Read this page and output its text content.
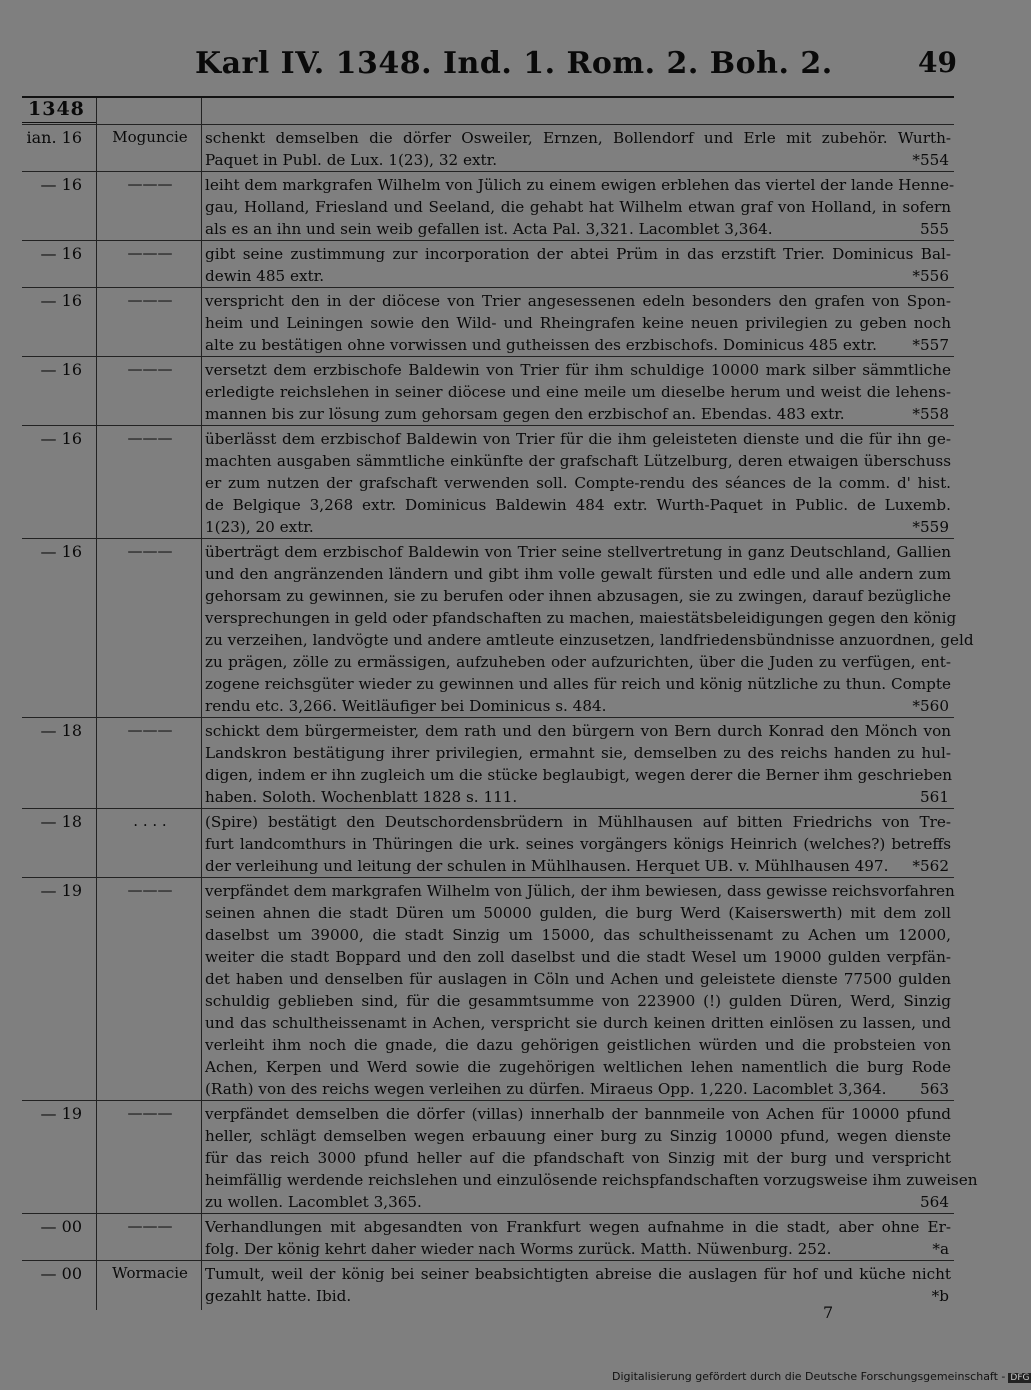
Karl IV. 1348. Ind. 1. Rom. 2. Boh. 2.	49
1348
ian. 16	Moguncie	schenkt demselben die dörfer Osweiler, Ernzen, Bollendorf und Erle mit zubehör. Wurth-
Paquet in Publ. de Lux. 1(23), 32 extr.	*554
— 16	———	leiht dem markgrafen Wilhelm von Jülich zu einem ewigen erblehen das viertel der lande Henne-
gau, Holland, Friesland und Seeland, die gehabt hat Wilhelm etwan graf von Holland, in sofern
als es an ihn und sein weib gefallen ist. Acta Pal. 3,321. Lacomblet 3,364.	555
— 16	———	gibt seine zustimmung zur incorporation der abtei Prüm in das erzstift Trier. Dominicus Bal-
dewin 485 extr.	*556
— 16	———	verspricht den in der diöcese von Trier angesessenen edeln besonders den grafen von Spon-
heim und Leiningen sowie den Wild- und Rheingrafen keine neuen privilegien zu geben noch
alte zu bestätigen ohne vorwissen und gutheissen des erzbischofs. Dominicus 485 extr. *557
— 16	———	versetzt dem erzbischofe Baldewin von Trier für ihm schuldige 10000 mark silber sämmtliche
erledigte reichslehen in seiner diöcese und eine meile um dieselbe herum und weist die lehens-
mannen bis zur lösung zum gehorsam gegen den erzbischof an. Ebendas. 483 extr.	*558
— 16	———	überlässt dem erzbischof Baldewin von Trier für die ihm geleisteten dienste und die für ihn ge-
machten ausgaben sämmtliche einkünfte der grafschaft Lützelburg, deren etwaigen überschuss
er zum nutzen der grafschaft verwenden soll. Compte-rendu des séances de la comm. d' hist.
de Belgique 3,268 extr. Dominicus Baldewin 484 extr. Wurth-Paquet in Public. de Luxemb.
1(23), 20 extr.	*559
— 16	———	überträgt dem erzbischof Baldewin von Trier seine stellvertretung in ganz Deutschland, Gallien
und den angränzenden ländern und gibt ihm volle gewalt fürsten und edle und alle andern zum
gehorsam zu gewinnen, sie zu berufen oder ihnen abzusagen, sie zu zwingen, darauf bezügliche
versprechungen in geld oder pfandschaften zu machen, maiestätsbeleidigungen gegen den könig
zu verzeihen, landvögte und andere amtleute einzusetzen, landfriedensbündnisse anzuordnen, geld
zu prägen, zölle zu ermässigen, aufzuheben oder aufzurichten, über die Juden zu verfügen, ent-
zogene reichsgüter wieder zu gewinnen und alles für reich und könig nützliche zu thun. Compte
rendu etc. 3,266. Weitläufiger bei Dominicus s. 484.	*560
— 18	———	schickt dem bürgermeister, dem rath und den bürgern von Bern durch Konrad den Mönch von
Landskron bestätigung ihrer privilegien, ermahnt sie, demselben zu des reichs handen zu hul-
digen, indem er ihn zugleich um die stücke beglaubigt, wegen derer die Berner ihm geschrieben
haben. Soloth. Wochenblatt 1828 s. 111.	561
— 18	. . . .	(Spire) bestätigt den Deutschordensbrüdern in Mühlhausen auf bitten Friedrichs von Tre-
furt landcomthurs in Thüringen die urk. seines vorgängers königs Heinrich (welches?) betreffs
der verleihung und leitung der schulen in Mühlhausen. Herquet UB. v. Mühlhausen 497. *562
— 19	———	verpfändet dem markgrafen Wilhelm von Jülich, der ihm bewiesen, dass gewisse reichsvorfahren
seinen ahnen die stadt Düren um 50000 gulden, die burg Werd (Kaiserswerth) mit dem zoll
daselbst um 39000, die stadt Sinzig um 15000, das schultheissenamt zu Achen um 12000,
weiter die stadt Boppard und den zoll daselbst und die stadt Wesel um 19000 gulden verpfän-
det haben und denselben für auslagen in Cöln und Achen und geleistete dienste 77500 gulden
schuldig geblieben sind, für die gesammtsumme von 223900 (!) gulden Düren, Werd, Sinzig
und das schultheissenamt in Achen, verspricht sie durch keinen dritten einlösen zu lassen, und
verleiht ihm noch die gnade, die dazu gehörigen geistlichen würden und die probsteien von
Achen, Kerpen und Werd sowie die zugehörigen weltlichen lehen namentlich die burg Rode
(Rath) von des reichs wegen verleihen zu dürfen. Miraeus Opp. 1,220. Lacomblet 3,364. 563
— 19	———	verpfändet demselben die dörfer (villas) innerhalb der bannmeile von Achen für 10000 pfund
heller, schlägt demselben wegen erbauung einer burg zu Sinzig 10000 pfund, wegen dienste
für das reich 3000 pfund heller auf die pfandschaft von Sinzig mit der burg und verspricht
heimfällig werdende reichslehen und einzulösende reichspfandschaften vorzugsweise ihm zuweisen
zu wollen. Lacomblet 3,365.	564
— 00	———	Verhandlungen mit abgesandten von Frankfurt wegen aufnahme in die stadt, aber ohne Er-
folg. Der könig kehrt daher wieder nach Worms zurück. Matth. Nüwenburg. 252.	*a
— 00	Wormacie	Tumult, weil der könig bei seiner beabsichtigten abreise die auslagen für hof und küche nicht
gezahlt hatte. Ibid.	*b
7
Digitalisierung gefördert durch die Deutsche Forschungsgemeinschaft - DFG
